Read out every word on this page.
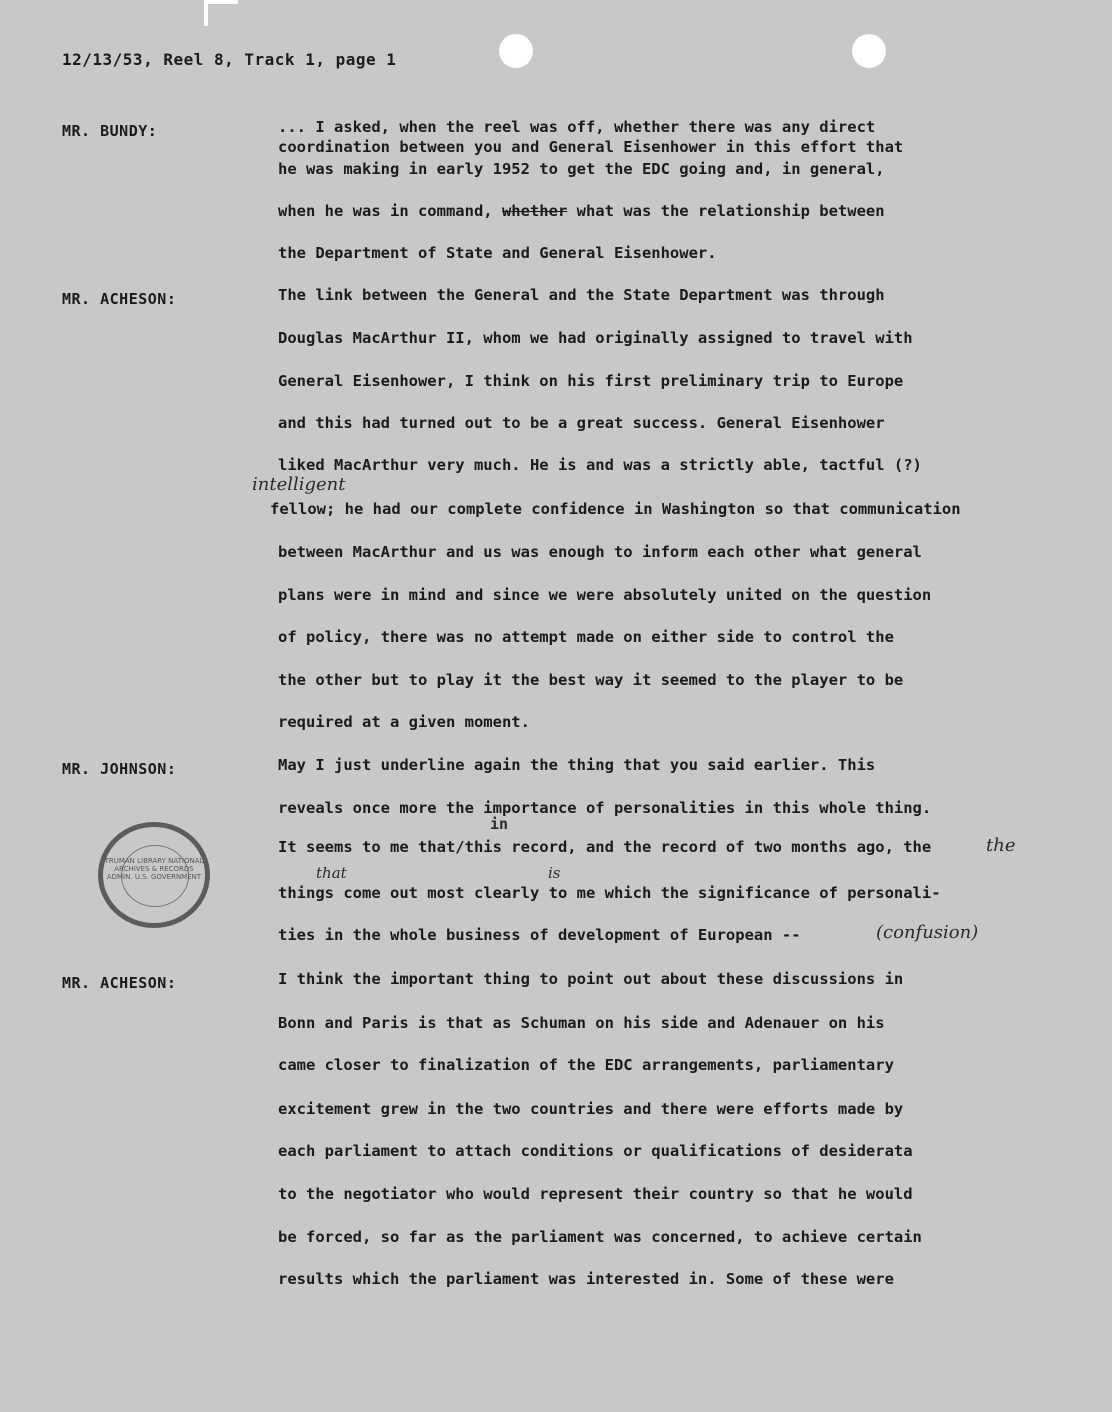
12/13/53, Reel 8, Track 1, page 1
MR. BUNDY:	... I asked, when the reel was off, whether there was any direct
coordination between you and General Eisenhower in this effort that
he was making in early 1952 to get the EDC going and, in general,
when he was in command, whether what was the relationship between
the Department of State and General Eisenhower.
MR. ACHESON:	The link between the General and the State Department was through
Douglas MacArthur II, whom we had originally assigned to travel with
General Eisenhower, I think on his first preliminary trip to Europe
and this had turned out to be a great success. General Eisenhower
liked MacArthur very much. He is and was a strictly able, tactful (?)
intelligent
fellow; he had our complete confidence in Washington so that communication
between MacArthur and us was enough to inform each other what general
plans were in mind and since we were absolutely united on the question
of policy, there was no attempt made on either side to control the
the other but to play it the best way it seemed to the player to be
required at a given moment.
MR. JOHNSON:	May I just underline again the thing that you said earlier. This
reveals once more the importance of personalities in this whole thing.
in
It seems to me that/this record, and the record of two months ago, the	the
that	is
things come out most clearly to me which the significance of personali-
ties in the whole business of development of European --	(confusion)
TRUMAN LIBRARY NATIONAL ARCHIVES & RECORDS ADMIN. U.S. GOVERNMENT
MR. ACHESON:	I think the important thing to point out about these discussions in
Bonn and Paris is that as Schuman on his side and Adenauer on his
came closer to finalization of the EDC arrangements, parliamentary
excitement grew in the two countries and there were efforts made by
each parliament to attach conditions or qualifications of desiderata
to the negotiator who would represent their country so that he would
be forced, so far as the parliament was concerned, to achieve certain
results which the parliament was interested in. Some of these were
